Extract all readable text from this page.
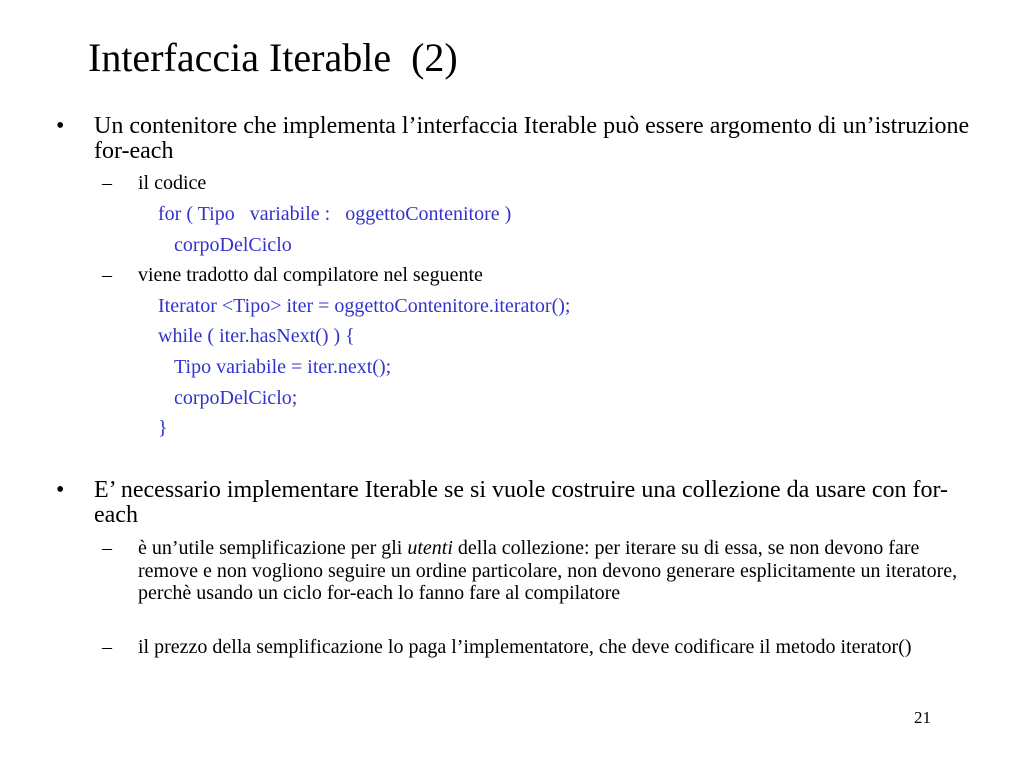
Interfaccia Iterable  (2)
•	Un contenitore che implementa l’interfaccia Iterable può essere argomento di un’istruzione for-each
– il codice
for ( Tipo   variabile :   oggettoContenitore )
corpoDelCiclo
– viene tradotto dal compilatore nel seguente
Iterator <Tipo> iter = oggettoContenitore.iterator();
while ( iter.hasNext() ) {
Tipo variabile = iter.next();
corpoDelCiclo;
}
•	E’ necessario implementare Iterable se si vuole costruire una collezione da usare con for-each
– è un’utile semplificazione per gli utenti della collezione: per iterare su di essa, se non devono fare remove e non vogliono seguire un ordine particolare, non devono generare esplicitamente un iteratore, perchè usando un ciclo for-each lo fanno fare al compilatore
– il prezzo della semplificazione lo paga l’implementatore, che deve codificare il metodo iterator()
21
